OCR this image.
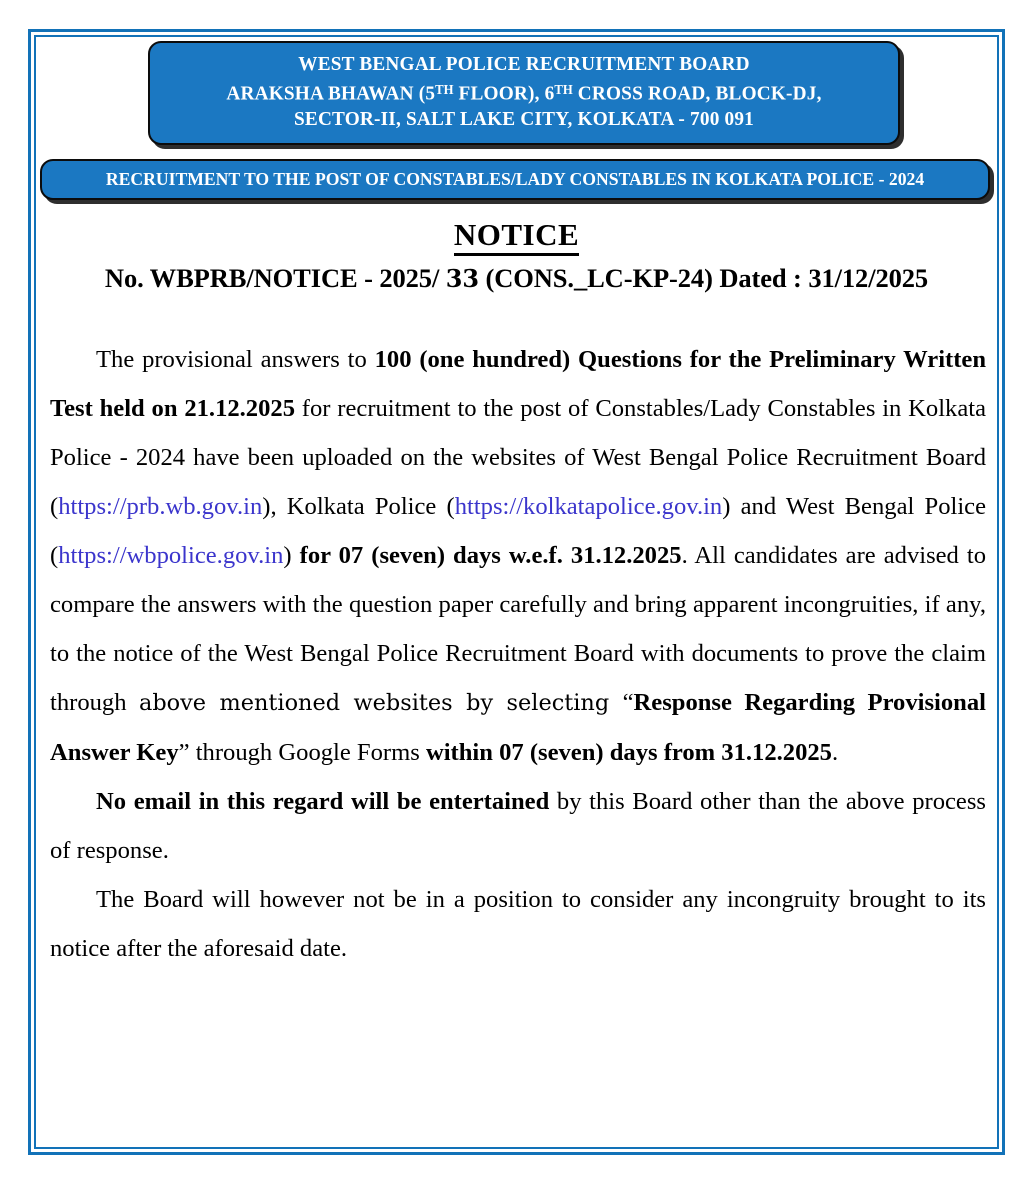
WEST BENGAL POLICE RECRUITMENT BOARD
ARAKSHA BHAWAN (5TH FLOOR), 6TH CROSS ROAD, BLOCK-DJ,
SECTOR-II, SALT LAKE CITY, KOLKATA - 700 091
RECRUITMENT TO THE POST OF CONSTABLES/LADY CONSTABLES IN KOLKATA POLICE - 2024
NOTICE
No. WBPRB/NOTICE - 2025/ 33 (CONS._LC-KP-24) Dated : 31/12/2025

The provisional answers to 100 (one hundred) Questions for the Preliminary Written Test held on 21.12.2025 for recruitment to the post of Constables/Lady Constables in Kolkata Police - 2024 have been uploaded on the websites of West Bengal Police Recruitment Board (https://prb.wb.gov.in), Kolkata Police (https://kolkatapolice.gov.in) and West Bengal Police (https://wbpolice.gov.in) for 07 (seven) days w.e.f. 31.12.2025. All candidates are advised to compare the answers with the question paper carefully and bring apparent incongruities, if any, to the notice of the West Bengal Police Recruitment Board with documents to prove the claim through above mentioned websites by selecting “Response Regarding Provisional Answer Key” through Google Forms within 07 (seven) days from 31.12.2025.

No email in this regard will be entertained by this Board other than the above process of response.

The Board will however not be in a position to consider any incongruity brought to its notice after the aforesaid date.
